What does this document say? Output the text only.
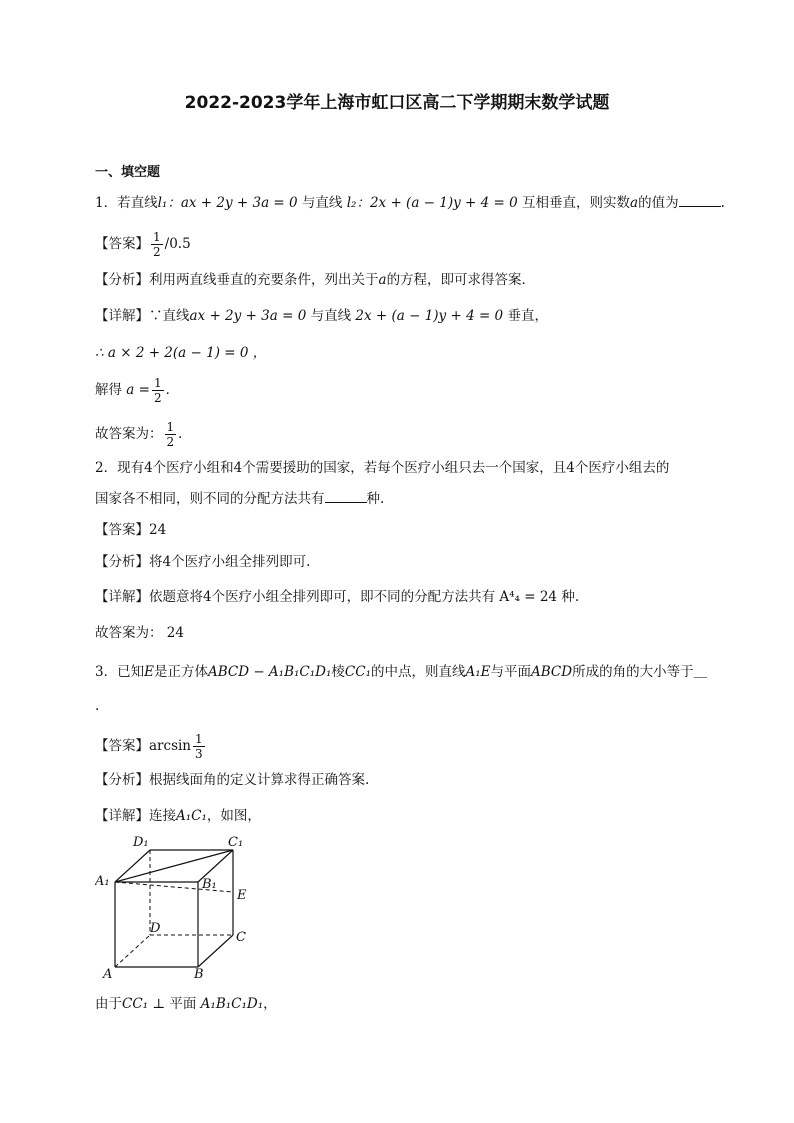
2022-2023学年上海市虹口区高二下学期期末数学试题
一、填空题
1．若直线l₁：ax + 2y + 3a = 0 与直线 l₂：2x + (a − 1)y + 4 = 0 互相垂直，则实数a的值为	.
【答案】 $\frac{1}{2} /0.5$
【分析】利用两直线垂直的充要条件，列出关于a的方程，即可求得答案．
【详解】∵直线ax + 2y + 3a = 0 与直线 2x + (a − 1)y + 4 = 0 垂直，
∴ a × 2 + 2(a − 1) = 0 ，
解得 $a = \frac{1}{2}$ ．
故答案为： $\frac{1}{2}$ ．
2．现有4个医疗小组和4个需要援助的国家，若每个医疗小组只去一个国家，且4个医疗小组去的
国家各不相同，则不同的分配方法共有	种.
【答案】24
【分析】将4个医疗小组全排列即可.
【详解】依题意将4个医疗小组全排列即可，即不同的分配方法共有 A⁴₄ = 24 种.
故答案为： 24
3．已知E是正方体ABCD − A₁B₁C₁D₁棱CC₁的中点，则直线A₁E与平面ABCD所成的角的大小等于＿
.
【答案】$\arcsin \frac{1}{3}$
【分析】根据线面角的定义计算求得正确答案.
【详解】连接A₁C₁，如图，
D₁	C₁
A₁	B₁
E
D
C
A	B
由于CC₁ ⊥ 平面 A₁B₁C₁D₁，
